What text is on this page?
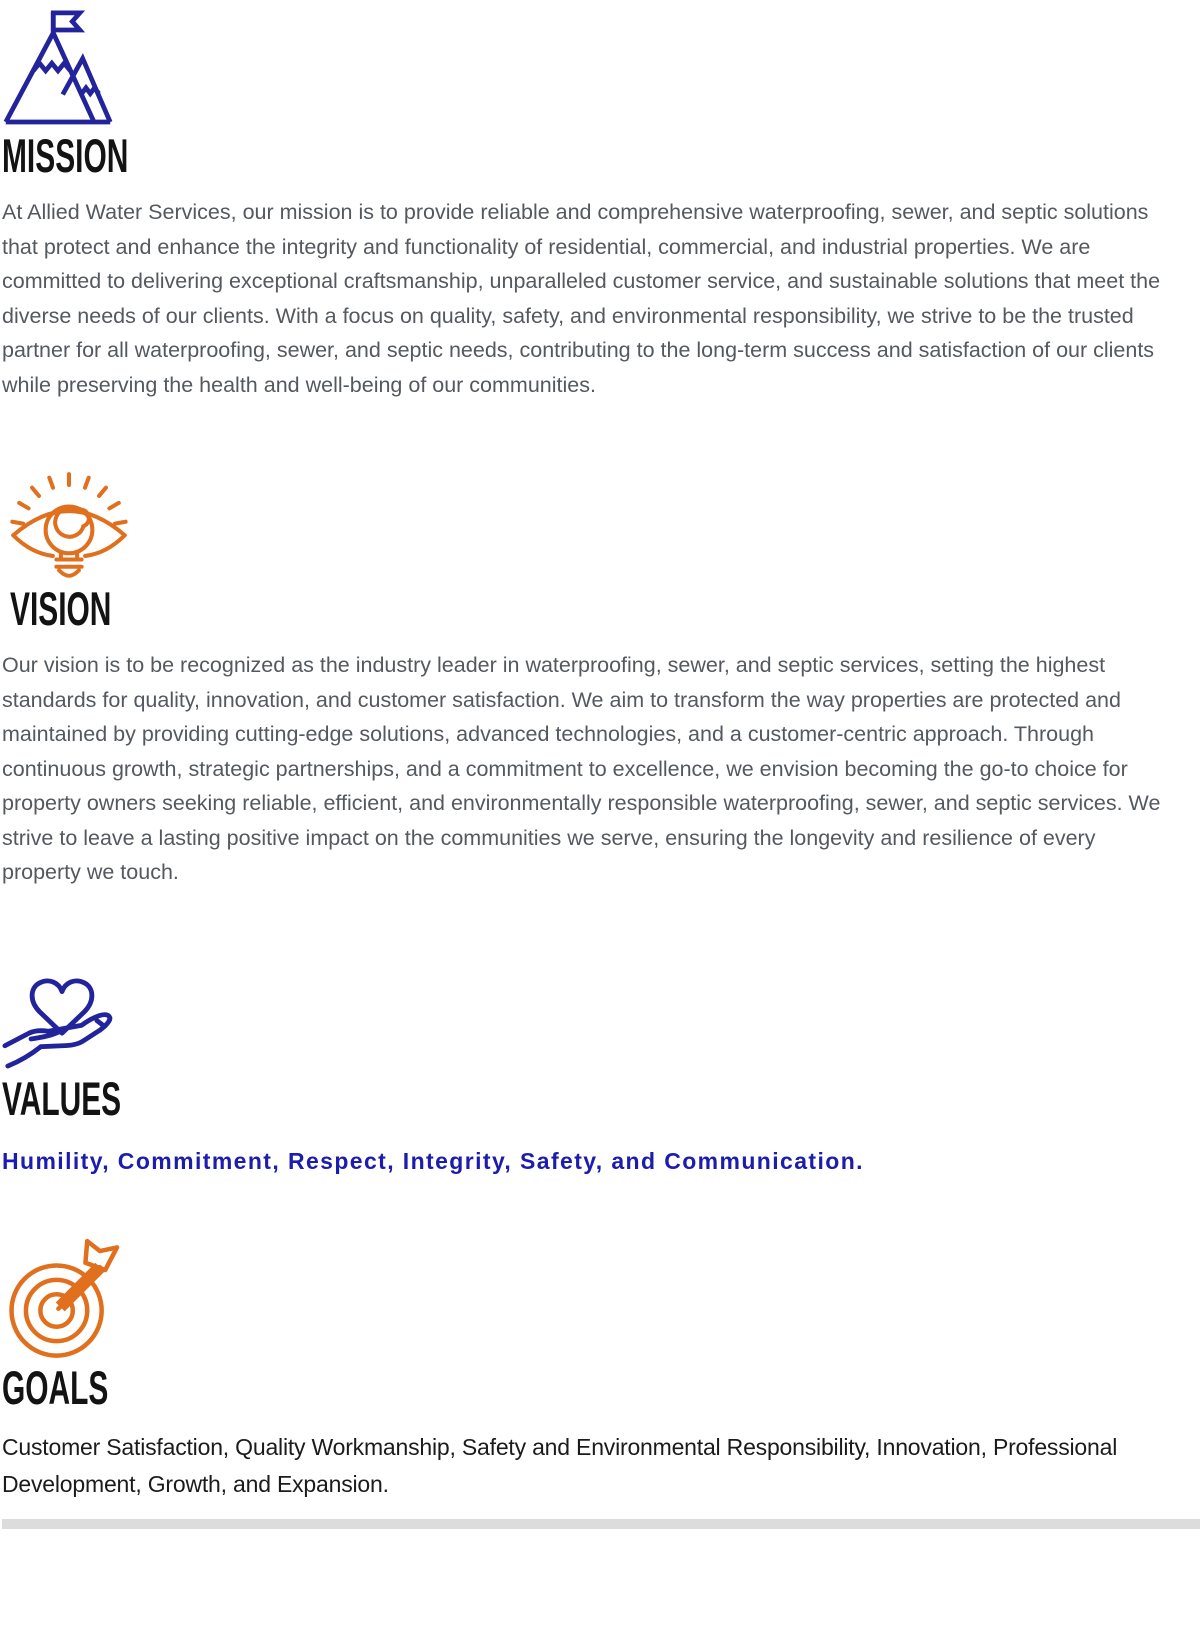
MISSION

At Allied Water Services, our mission is to provide reliable and comprehensive waterproofing, sewer, and septic solutions that protect and enhance the integrity and functionality of residential, commercial, and industrial properties. We are committed to delivering exceptional craftsmanship, unparalleled customer service, and sustainable solutions that meet the diverse needs of our clients. With a focus on quality, safety, and environmental responsibility, we strive to be the trusted partner for all waterproofing, sewer, and septic needs, contributing to the long-term success and satisfaction of our clients while preserving the health and well-being of our communities.

VISION

Our vision is to be recognized as the industry leader in waterproofing, sewer, and septic services, setting the highest standards for quality, innovation, and customer satisfaction. We aim to transform the way properties are protected and maintained by providing cutting-edge solutions, advanced technologies, and a customer-centric approach. Through continuous growth, strategic partnerships, and a commitment to excellence, we envision becoming the go-to choice for property owners seeking reliable, efficient, and environmentally responsible waterproofing, sewer, and septic services. We strive to leave a lasting positive impact on the communities we serve, ensuring the longevity and resilience of every property we touch.

VALUES

Humility, Commitment, Respect, Integrity, Safety, and Communication.

GOALS

Customer Satisfaction, Quality Workmanship, Safety and Environmental Responsibility, Innovation, Professional Development, Growth, and Expansion.
